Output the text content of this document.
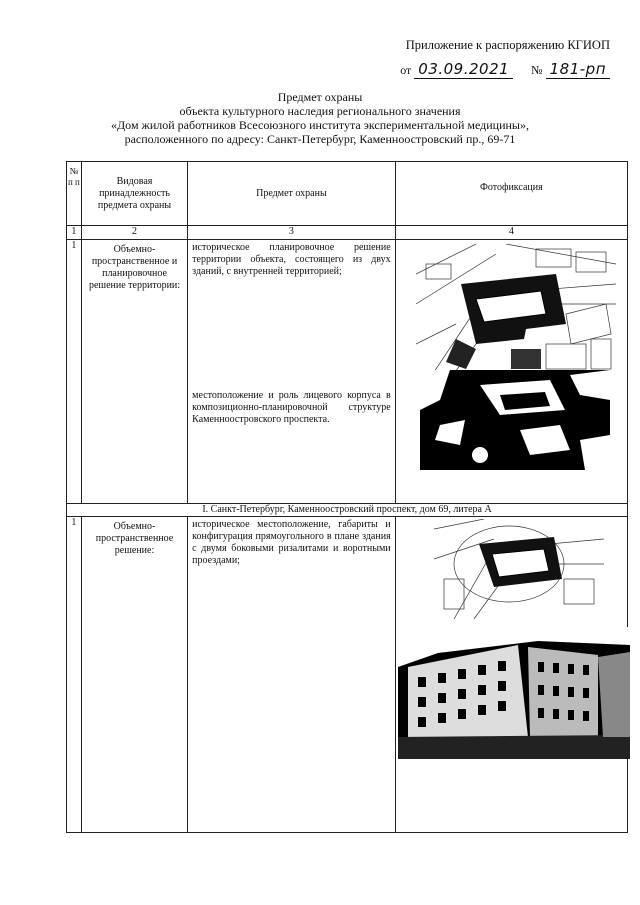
Приложение к распоряжению КГИОП
от 03.09.2021 № 181-рп
Предмет охраны
объекта культурного наследия регионального значения
«Дом жилой работников Всесоюзного института экспериментальной медицины»,
расположенного по адресу: Санкт-Петербург, Каменноостровский пр., 69-71
№ п п	Видовая принадлежность предмета охраны	Предмет охраны	Фотофиксация
1	2	3	4
1	Объемно-пространственное и планировочное решение территории:	историческое планировочное решение территории объекта, состоящего из двух зданий, с внутренней территорией;
местоположение и роль лицевого корпуса в композиционно-планировочной структуре Каменноостровского проспекта.

I. Санкт-Петербург, Каменноостровский проспект, дом 69, литера А			
1	Объемно-пространственное решение:	историческое местоположение, габариты и конфигурация прямоугольного в плане здания с двумя боковыми ризалитами и воротными проездами;
